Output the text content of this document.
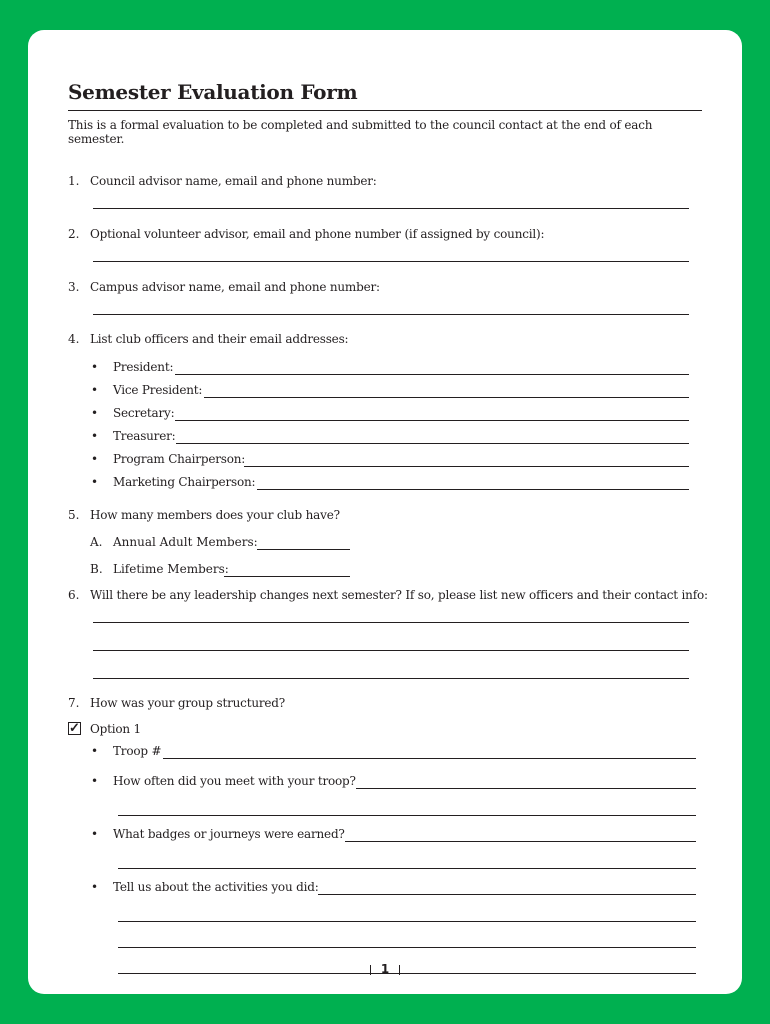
Semester Evaluation Form
This is a formal evaluation to be completed and submitted to the council contact at the end of each semester.
1. Council advisor name, email and phone number:
2. Optional volunteer advisor, email and phone number (if assigned by council):
3. Campus advisor name, email and phone number:
4. List club officers and their email addresses:
• President:
• Vice President:
• Secretary:
• Treasurer:
• Program Chairperson:
• Marketing Chairperson:
5. How many members does your club have?
A. Annual Adult Members:
B. Lifetime Members:
6. Will there be any leadership changes next semester? If so, please list new officers and their contact info:
7. How was your group structured?
✓ Option 1
• Troop #
• How often did you meet with your troop?
• What badges or journeys were earned?
• Tell us about the activities you did:
1
